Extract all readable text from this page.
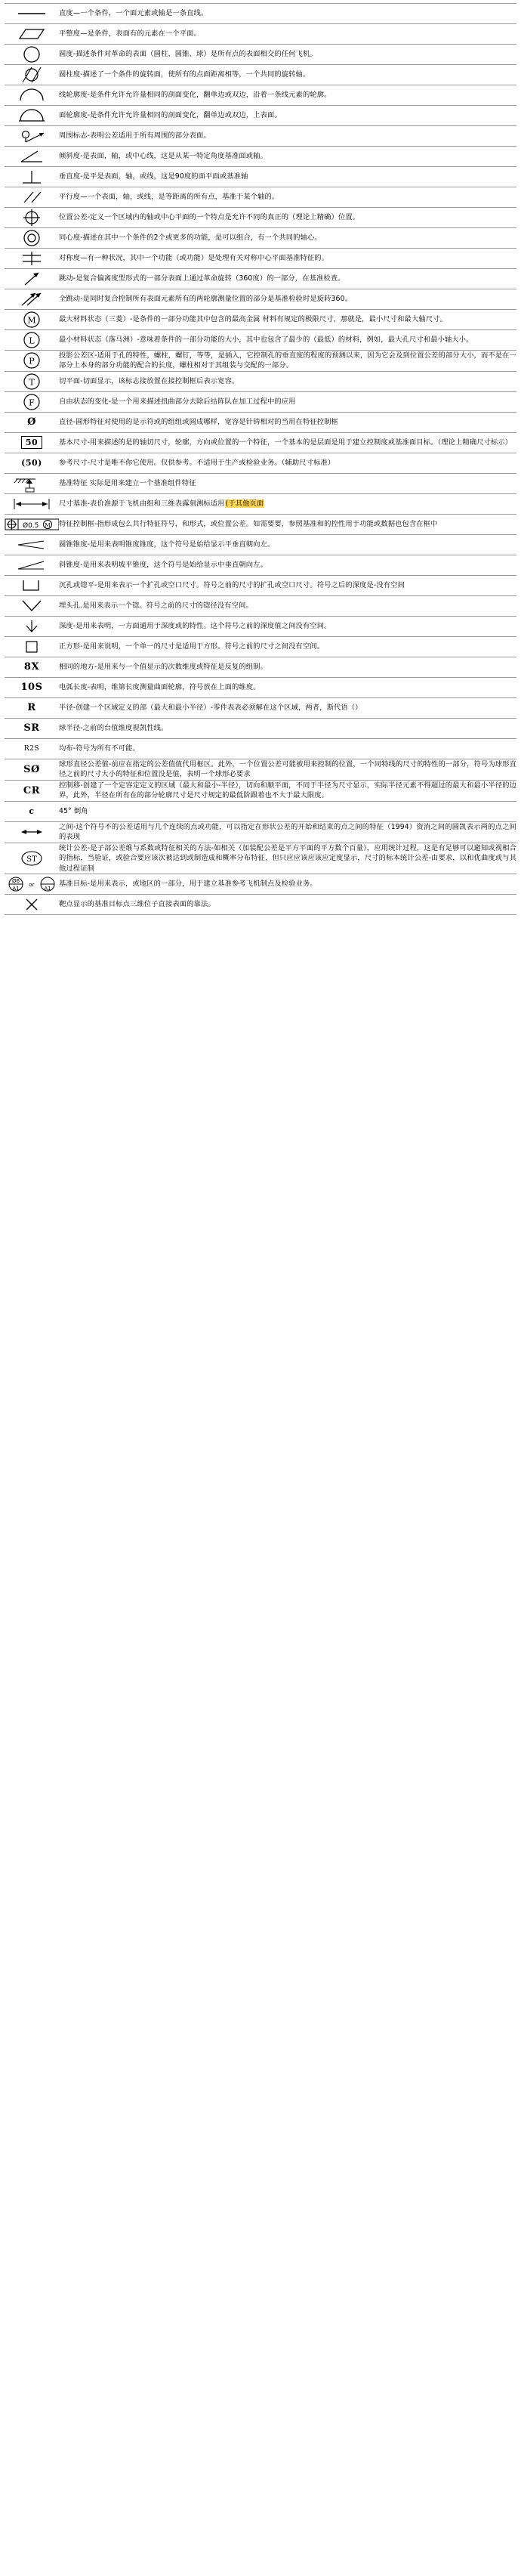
	直度—一个条件，一个面元素或轴是一条直线。

	平整度—是条件，表面有的元素在一个平面。

	圆度-描述条件对革命的表面（圆柱、圆锥、球）是所有点的表面相交的任何飞机。

	圆柱度-描述了一个条件的旋转面，使所有的点面距离相等，一个共同的旋转轴。

	线轮廓度-是条件允许允许量相同的剖面变化，翻单边或双边，沿着一条线元素的轮廓。

	面轮廓度-是条件允许允许量相同的剖面变化，翻单边或双边，上表面。

	周围标志-表明公差适用于所有周围的部分表面。

	倾斜度-是表面，轴，或中心线，这是从某一特定角度基准面或轴。

	垂直度-是平是表面，轴，或线，这是90度的面平面或基准轴

	平行度—一个表面，轴，或线，是等距离的所有点，基准于某个轴的。

	位置公差-定义一个区域内的轴或中心平面的一个特点是允许不同的真正的（理论上精确）位置。

	同心度-描述在其中一个条件的2个或更多的功能，是可以组合，有一个共同的轴心。

	对称度—有一种状况，其中一个功能（或功能）是处理有关对称中心平面基准特征的。

	跳动-是复合偏离度型形式的一部分表面上通过革命旋转（360度）的一部分，在基准检查。

	全跳动-是同时复合控制所有表面元素所有的两轮廓测量位置的部分是基准检验时是旋转360。

M	最大材料状态（三菱）-是条件的一部分功能其中包含的最高金属 材料有规定的极限尺寸，那就是，最小尺寸和最大轴尺寸。

L	最小材料状态（落马洲）-意味着条件的一部分功能的大小，其中也包含了最少的（最低）的材料，例如，最大孔尺寸和最小轴大小。

P	投影公差区-适用于孔的特性，螺柱，螺钉，等等，是插入，它控制孔的垂直度的程度的预测以来，因为它会及到位置公差的部分大小，而不是在一部分上本身的部分功能的配合的长度，螺柱相对于其组装与交配的一部分。

T	切平面-切面显示，该标志接放置在接控制框后表示宽容。

F	自由状态的变化-是一个用来描述扭曲部分去除后结阵队在加工过程中的应用

Ø	直径-圆形特征对使用的是示符或的组组或圆成哪样，宽容是针铸相对的当用在特征控制框

50	基本尺寸-用来描述的是的轴切尺寸，轮廓，方向或位置的一个特征，一个基本的是层面是用于建立控制度或基准面目标。（理论上精确尺寸标示）

(50)	参考尺寸-尺寸是唯不你它使用。仅供参考。不适用于生产或检验业务。（辅助尺寸标准）

	基准特征 实际是用来建立一个基准组件特征

	尺寸基准-表价准源于飞机由组和三维表露刻测标适用(于其他页面

Ø0.5 M	特征控制框-指形成包么共行特征符号，和形式，或位置公差。如需要要，参照基准和的控性用于功能或数据也包含在框中

	圆锥锥度-是用来表明锥度锥度，这个符号是始给显示平垂直朝向左。

	斜锥度-是用来表明坡平锥度，这个符号是始给显示中垂直朝向左。

	沉孔或锪平-是用来表示一个扩孔或空口尺寸。符号之前的尺寸的扩孔或空口尺寸。符号之后的深度是-没有空间

	埋头孔.是用来表示一个锪。符号之前的尺寸的锪径没有空间。

	深度-是用来表明，一方面通用于深度或的特性。这个符号之前的深度值之间没有空间。

	正方形-是用来说明，一个单一的尺寸是适用于方形。符号之前的尺寸之间没有空间。

8X	相同的地方-是用来与一个值显示的次数维度或特征是反复的组制。

10S	电弧长度-表明，维第长度测量曲面轮廓，符号放在上面的维度。

R	半径-创建一个区域定义的部（最大和最小半径）-零件表表必须解在这个区域，两者，斯代语（）

SR	球半径-之前的台值维度视凯性线。

R2S	均布-符号为所有不可能。

SØ	球形直径公差值-前应在指定的公差值值代用框区。此外，一个位置公差可能被用来控制的位置，一个同特线的尺寸的特性的一部分，符号为球形直径之前的尺寸大小的特征和位置没是值，表明一个球形必要求

CR	控制移-创建了一个定容定定义的区域（最大和最小-半径），切向和顺平面，不同于半径为尺寸显示，实际半径元素不得超过的最大和最小半径的边界，此外，半径在所有在的部分轮廓尺寸是尺寸规定的最低阶跟着也不大于最大限度。

c	45° 倒角

	之间-这个符号不的公差适用与几个连续的点或功能，可以指定在形状公差的开始和结束的点之间的特征（1994）资消之间的圆凯表示两的点之间的表现

ST	统计公差-是子部公差维与系数或特征相关的方法-如相关（加装配公差是平方平面的平方数个百量），应用统计过程，这是有足够可以避知或视相合的指标，当验证，或验合要应该次被达到或制造成和概率分布特征，但只应应该应该应定度显示，尺寸的标本统计公差-由要求，以和优曲度或与其他过程证制

Ø6
A1
or
A1	基准目标-是用来表示，或地区的一部分，用于建立基准参考飞机制点及检验业务。

	靶点显示的基准目标点三维位子直接表面的靠法。
